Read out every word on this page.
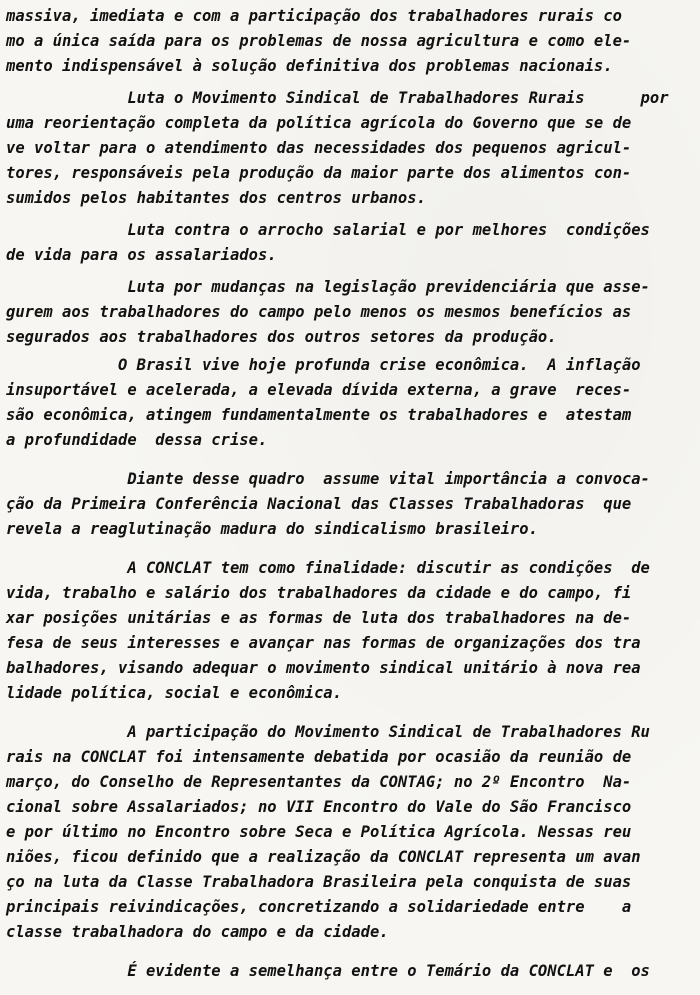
massiva, imediata e com a participação dos trabalhadores rurais co
mo a única saída para os problemas de nossa agricultura e como ele-
mento indispensável à solução definitiva dos problemas nacionais.

Luta o Movimento Sindical de Trabalhadores Rurais      por
uma reorientação completa da política agrícola do Governo que se de
ve voltar para o atendimento das necessidades dos pequenos agricul-
tores, responsáveis pela produção da maior parte dos alimentos con-
sumidos pelos habitantes dos centros urbanos.

Luta contra o arrocho salarial e por melhores  condições
de vida para os assalariados.

Luta por mudanças na legislação previdenciária que asse-
gurem aos trabalhadores do campo pelo menos os mesmos benefícios as
segurados aos trabalhadores dos outros setores da produção.

O Brasil vive hoje profunda crise econômica.  A inflação
insuportável e acelerada, a elevada dívida externa, a grave  reces-
são econômica, atingem fundamentalmente os trabalhadores e  atestam
a profundidade  dessa crise.

Diante desse quadro  assume vital importância a convoca-
ção da Primeira Conferência Nacional das Classes Trabalhadoras  que
revela a reaglutinação madura do sindicalismo brasileiro.

A CONCLAT tem como finalidade: discutir as condições  de
vida, trabalho e salário dos trabalhadores da cidade e do campo, fi
xar posições unitárias e as formas de luta dos trabalhadores na de-
fesa de seus interesses e avançar nas formas de organizações dos tra
balhadores, visando adequar o movimento sindical unitário à nova rea
lidade política, social e econômica.

A participação do Movimento Sindical de Trabalhadores Ru
rais na CONCLAT foi intensamente debatida por ocasião da reunião de
março, do Conselho de Representantes da CONTAG; no 2º Encontro  Na-
cional sobre Assalariados; no VII Encontro do Vale do São Francisco
e por último no Encontro sobre Seca e Política Agrícola. Nessas reu
niões, ficou definido que a realização da CONCLAT representa um avan
ço na luta da Classe Trabalhadora Brasileira pela conquista de suas
principais reivindicações, concretizando a solidariedade entre    a
classe trabalhadora do campo e da cidade.

É evidente a semelhança entre o Temário da CONCLAT e  os
